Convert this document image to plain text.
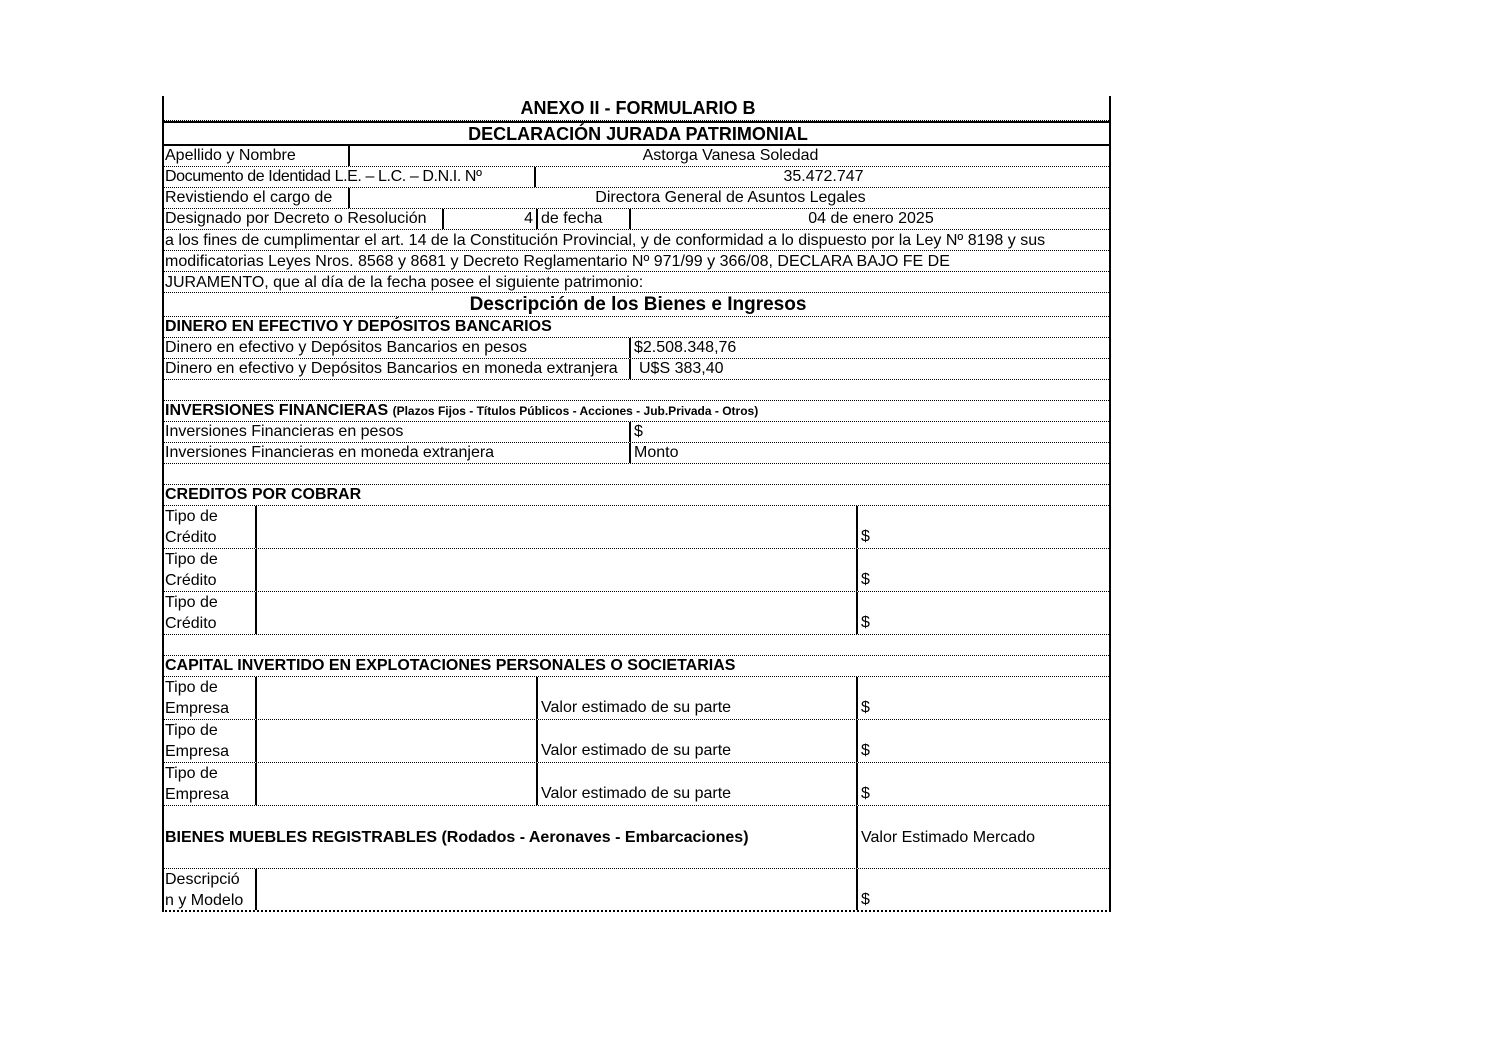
ANEXO II - FORMULARIO B
DECLARACIÓN JURADA PATRIMONIAL
Apellido y Nombre	Astorga Vanesa Soledad
Documento de Identidad L.E. – L.C. – D.N.I. Nº	35.472.747
Revistiendo el cargo de	Directora General de Asuntos Legales
Designado por Decreto o Resolución	4 de fecha	04 de enero 2025
a los fines de cumplimentar el art. 14 de la Constitución Provincial, y de conformidad a lo dispuesto por la Ley Nº 8198 y sus
modificatorias Leyes Nros. 8568 y 8681 y Decreto Reglamentario Nº 971/99 y 366/08, DECLARA BAJO FE DE
JURAMENTO, que al día de la fecha posee el siguiente patrimonio:
Descripción de los Bienes e Ingresos
DINERO EN EFECTIVO Y DEPÓSITOS BANCARIOS
Dinero en efectivo y Depósitos Bancarios en pesos	$2.508.348,76
Dinero en efectivo y Depósitos Bancarios en moneda extranjera	U$S 383,40
INVERSIONES FINANCIERAS (Plazos Fijos - Títulos Públicos - Acciones - Jub.Privada - Otros)
Inversiones Financieras en pesos	$
Inversiones Financieras en moneda extranjera	Monto
CREDITOS POR COBRAR
Tipo de
Crédito	$
Tipo de
Crédito	$
Tipo de
Crédito	$
CAPITAL INVERTIDO EN EXPLOTACIONES PERSONALES O SOCIETARIAS
Tipo de
Empresa	Valor estimado de su parte	$
Tipo de
Empresa	Valor estimado de su parte	$
Tipo de
Empresa	Valor estimado de su parte	$
BIENES MUEBLES REGISTRABLES (Rodados - Aeronaves - Embarcaciones)	Valor Estimado Mercado
Descripció
n y Modelo	$
